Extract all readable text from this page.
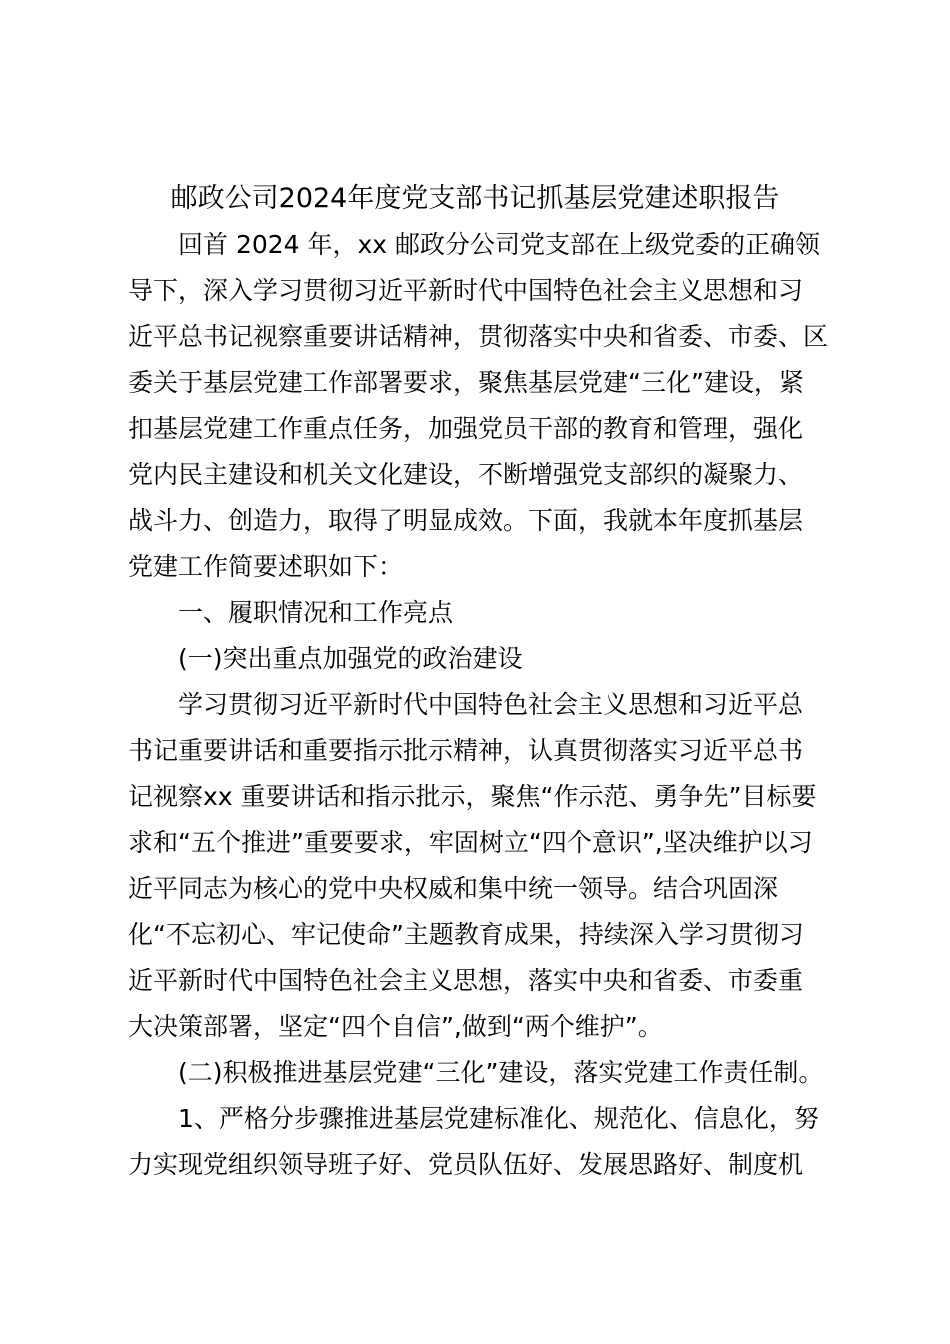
邮政公司2024年度党支部书记抓基层党建述职报告
回首 2024 年，xx 邮政分公司党支部在上级党委的正确领
导下，深入学习贯彻习近平新时代中国特色社会主义思想和习
近平总书记视察重要讲话精神，贯彻落实中央和省委、市委、区
委关于基层党建工作部署要求，聚焦基层党建“三化”建设，紧
扣基层党建工作重点任务，加强党员干部的教育和管理，强化
党内民主建设和机关文化建设，不断增强党支部织的凝聚力、
战斗力、创造力，取得了明显成效。下面，我就本年度抓基层
党建工作简要述职如下：
一、履职情况和工作亮点
(一)突出重点加强党的政治建设
学习贯彻习近平新时代中国特色社会主义思想和习近平总
书记重要讲话和重要指示批示精神，认真贯彻落实习近平总书
记视察xx 重要讲话和指示批示，聚焦“作示范、勇争先”目标要
求和“五个推进”重要要求，牢固树立“四个意识”,坚决维护以习
近平同志为核心的党中央权威和集中统一领导。结合巩固深
化“不忘初心、牢记使命”主题教育成果，持续深入学习贯彻习
近平新时代中国特色社会主义思想，落实中央和省委、市委重
大决策部署，坚定“四个自信”,做到“两个维护”。
(二)积极推进基层党建“三化”建设，落实党建工作责任制。
1、严格分步骤推进基层党建标准化、规范化、信息化，努
力实现党组织领导班子好、党员队伍好、发展思路好、制度机
